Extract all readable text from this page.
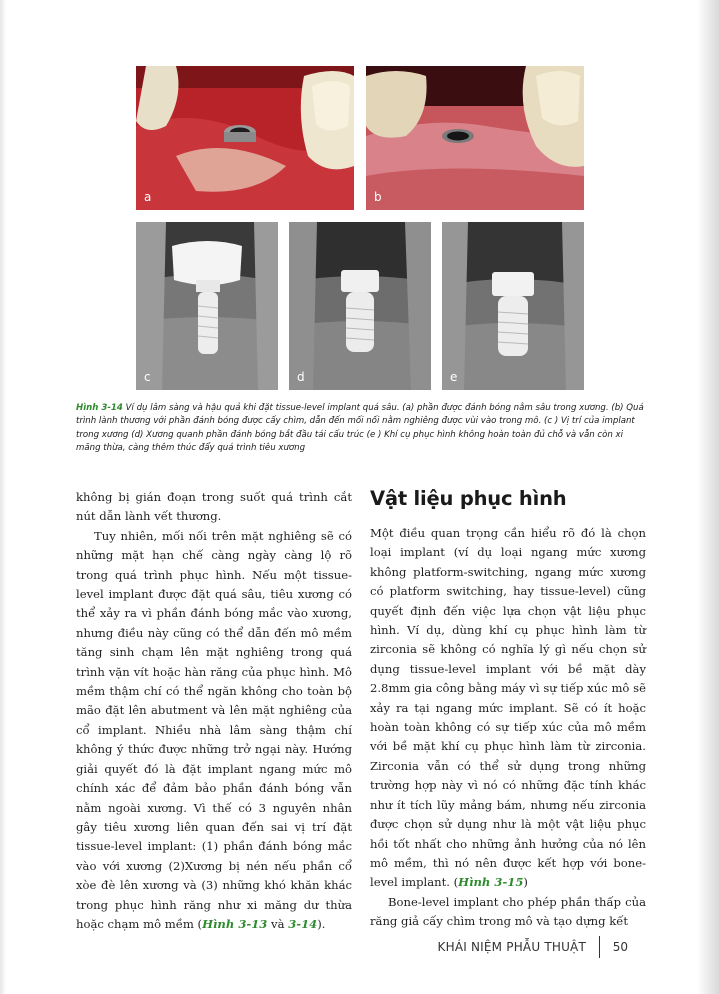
a	b
c	d	e
Hình 3-14 Ví dụ lâm sàng và hậu quả khi đặt tissue-level implant quá sâu. (a) phần được đánh bóng nằm sâu trong xương. (b) Quá trình lành thương với phần đánh bóng được cấy chìm, dẫn đến mối nối nằm nghiêng được vùi vào trong mô. (c ) Vị trí của implant trong xương (d) Xương quanh phần đánh bóng bắt đầu tái cấu trúc (e ) Khí cụ phục hình không hoàn toàn đủ chỗ và vẫn còn xi măng thừa, càng thêm thúc đẩy quá trình tiêu xương

không bị gián đoạn trong suốt quá trình cắt nút dẫn lành vết thương.

Tuy nhiên, mối nối trên mặt nghiêng sẽ có những mặt hạn chế càng ngày càng lộ rõ trong quá trình phục hình. Nếu một tissue-level implant được đặt quá sâu, tiêu xương có thể xảy ra vì phần đánh bóng mắc vào xương, nhưng điều này cũng có thể dẫn đến mô mềm tăng sinh chạm lên mặt nghiêng trong quá trình vặn vít hoặc hàn răng của phục hình. Mô mềm thậm chí có thể ngăn không cho toàn bộ mão đặt lên abutment và lên mặt nghiêng của cổ implant. Nhiều nhà lâm sàng thậm chí không ý thức được những trở ngại này. Hướng giải quyết đó là đặt implant ngang mức mô chính xác để đảm bảo phần đánh bóng vẫn nằm ngoài xương. Vì thế có 3 nguyên nhân gây tiêu xương liên quan đến sai vị trí đặt tissue-level implant: (1) phần đánh bóng mắc vào với xương (2)Xương bị nén nếu phần cổ xòe đè lên xương và (3) những khó khăn khác trong phục hình răng như xi măng dư thừa hoặc chạm mô mềm (Hình 3-13 và 3-14).

Vật liệu phục hình

Một điều quan trọng cần hiểu rõ đó là chọn loại implant (ví dụ loại ngang mức xương không platform-switching, ngang mức xương có platform switching, hay tissue-level) cũng quyết định đến việc lựa chọn vật liệu phục hình. Ví dụ, dùng khí cụ phục hình làm từ zirconia sẽ không có nghĩa lý gì nếu chọn sử dụng tissue-level implant với bề mặt dày 2.8mm gia công bằng máy vì sự tiếp xúc mô sẽ xảy ra tại ngang mức implant. Sẽ có ít hoặc hoàn toàn không có sự tiếp xúc của mô mềm với bề mặt khí cụ phục hình làm từ zirconia. Zirconia vẫn có thể sử dụng trong những trường hợp này vì nó có những đặc tính khác như ít tích lũy mảng bám, nhưng nếu zirconia được chọn sử dụng như là một vật liệu phục hồi tốt nhất cho những ảnh hưởng của nó lên mô mềm, thì nó nên được kết hợp với bone-level implant. (Hình 3-15)

Bone-level implant cho phép phần thấp của răng giả cấy chìm trong mô và tạo dựng kết

KHÁI NIỆM PHẪU THUẬT 50
